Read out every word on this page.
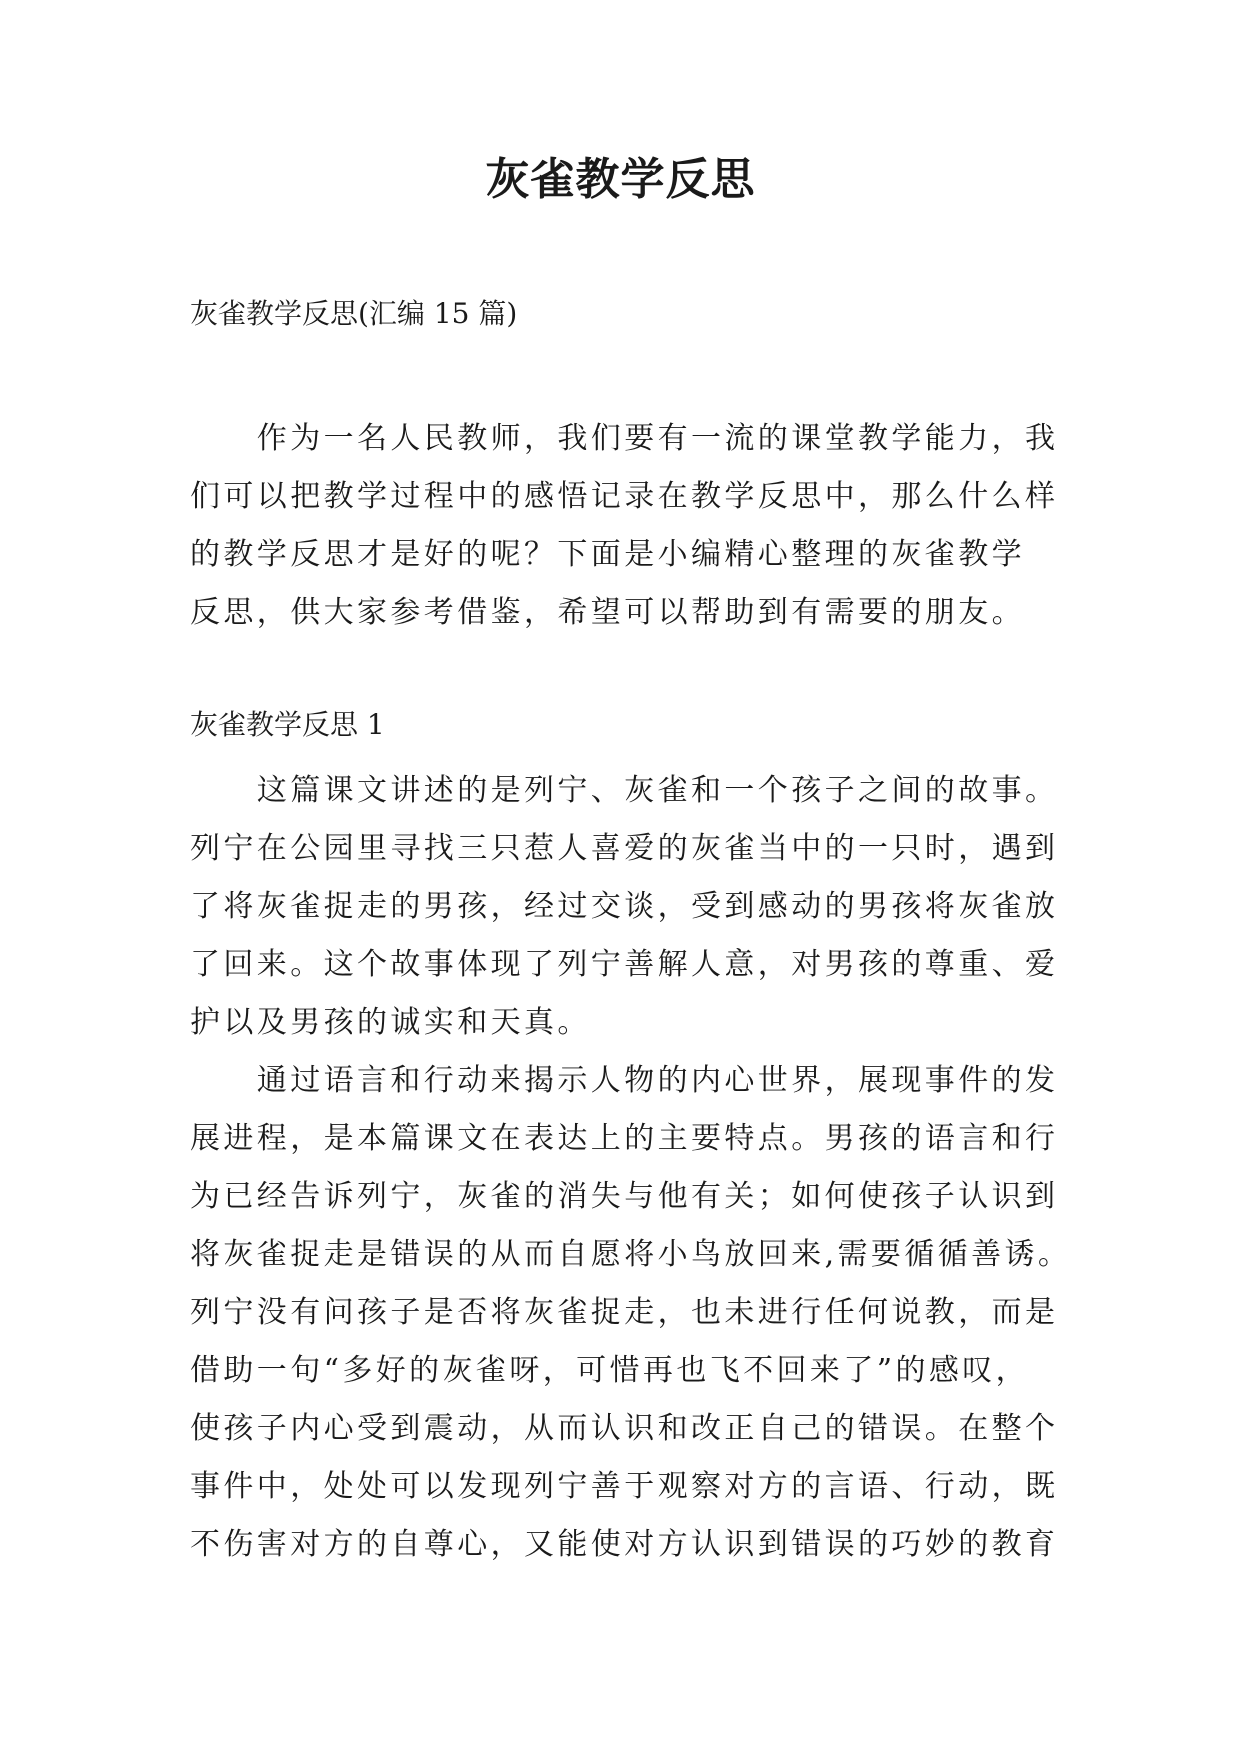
灰雀教学反思

灰雀教学反思(汇编 15 篇)

　　作为一名人民教师，我们要有一流的课堂教学能力，我
们可以把教学过程中的感悟记录在教学反思中，那么什么样
的教学反思才是好的呢？下面是小编精心整理的灰雀教学
反思，供大家参考借鉴，希望可以帮助到有需要的朋友。

灰雀教学反思 1

　　这篇课文讲述的是列宁、灰雀和一个孩子之间的故事。
列宁在公园里寻找三只惹人喜爱的灰雀当中的一只时，遇到
了将灰雀捉走的男孩，经过交谈，受到感动的男孩将灰雀放
了回来。这个故事体现了列宁善解人意，对男孩的尊重、爱
护以及男孩的诚实和天真。
　　通过语言和行动来揭示人物的内心世界，展现事件的发
展进程，是本篇课文在表达上的主要特点。男孩的语言和行
为已经告诉列宁，灰雀的消失与他有关；如何使孩子认识到
将灰雀捉走是错误的从而自愿将小鸟放回来,需要循循善诱。
列宁没有问孩子是否将灰雀捉走，也未进行任何说教，而是
借助一句“多好的灰雀呀，可惜再也飞不回来了”的感叹，
使孩子内心受到震动，从而认识和改正自己的错误。在整个
事件中，处处可以发现列宁善于观察对方的言语、行动，既
不伤害对方的自尊心，又能使对方认识到错误的巧妙的教育
